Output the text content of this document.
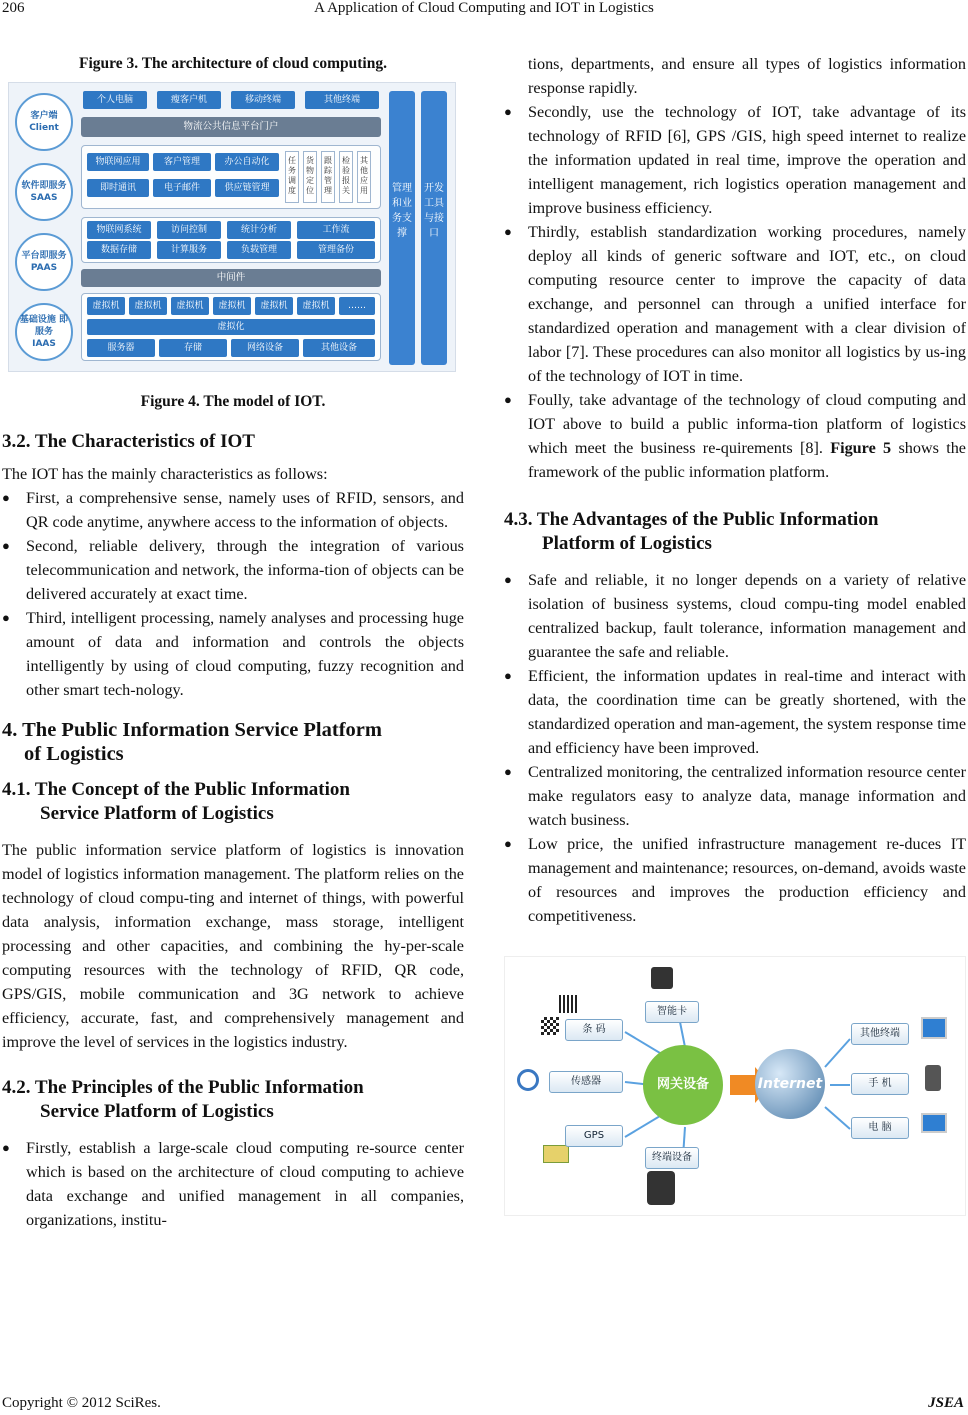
206	A Application of Cloud Computing and IOT in Logistics
Figure 3. The architecture of cloud computing.
客户端
Client
软件即服务
SAAS
平台即服务
PAAS
基础设施 即服务
IAAS
个人电脑	瘦客户机	移动终端	其他终端
物流公共信息平台门户
物联网应用	客户管理	办公自动化
即时通讯	电子邮件	供应链管理
任务调度
货物定位
跟踪管理
检验报关
其他应用
物联网系统	访问控制	统计分析	工作流
数据存储	计算服务	负载管理	管理备份
中间件
虚拟机	虚拟机	虚拟机	虚拟机	虚拟机	虚拟机	……
虚拟化
服务器	存储	网络设备	其他设备
管理和业务支撑
开发工具与接口
Figure 4. The model of IOT.
3.2. The Characteristics of IOT

The IOT has the mainly characteristics as follows:

● First, a comprehensive sense, namely uses of RFID, sensors, and QR code anytime, anywhere access to the information of objects.
● Second, reliable delivery, through the integration of various telecommunication and network, the informa-tion of objects can be delivered accurately at exact time.
● Third, intelligent processing, namely analyses and processing huge amount of data and information and controls the objects intelligently by using of cloud computing, fuzzy recognition and other smart tech-nology.
4. The Public Information Service Platform
of Logistics
4.1. The Concept of the Public Information
Service Platform of Logistics

The public information service platform of logistics is innovation model of logistics information management. The platform relies on the technology of cloud compu-ting and internet of things, with powerful data analysis, information exchange, mass storage, intelligent processing and other capacities, and combining the hy-per-scale computing resources with the technology of RFID, QR code, GPS/GIS, mobile communication and 3G network to achieve efficiency, accurate, fast, and comprehensively management and improve the level of services in the logistics industry.

4.2. The Principles of the Public Information
Service Platform of Logistics
● Firstly, establish a large-scale cloud computing re-source center which is based on the architecture of cloud computing to achieve data exchange and unified management in all companies, organizations, institu-

tions, departments, and ensure all types of logistics information response rapidly.

● Secondly, use the technology of IOT, take advantage of its technology of RFID [6], GPS /GIS, high speed internet to realize the information updated in real time, improve the operation and intelligent management, rich logistics operation management and improve business efficiency.
● Thirdly, establish standardization working procedures, namely deploy all kinds of generic software and IOT, etc., on cloud computing resource center to improve the capacity of data exchange, and personnel can through a unified interface for standardized operation and management with a clear division of labor [7]. These procedures can also monitor all logistics by us-ing of the technology of IOT in time.
● Foully, take advantage of the technology of cloud computing and IOT above to build a public informa-tion platform of logistics which meet the business re-quirements [8]. Figure 5 shows the framework of the public information platform.
4.3. The Advantages of the Public Information
Platform of Logistics
● Safe and reliable, it no longer depends on a variety of relative isolation of business systems, cloud compu-ting model enabled centralized backup, fault tolerance, information management and guarantee the safe and reliable.
● Efficient, the information updates in real-time and interact with data, the coordination time can be greatly shortened, with the standardized operation and man-agement, the system response time and efficiency have been improved.
● Centralized monitoring, the centralized information resource center make regulators easy to analyze data, manage information and watch business.
● Low price, the unified infrastructure management re-duces IT management and maintenance; resources, on-demand, avoids waste of resources and improves the production efficiency and competitiveness.
条 码
传感器
GPS
智能卡
终端设备
网关设备	Internet
其他终端
手 机
电 脑
Copyright © 2012 SciRes.	JSEA
